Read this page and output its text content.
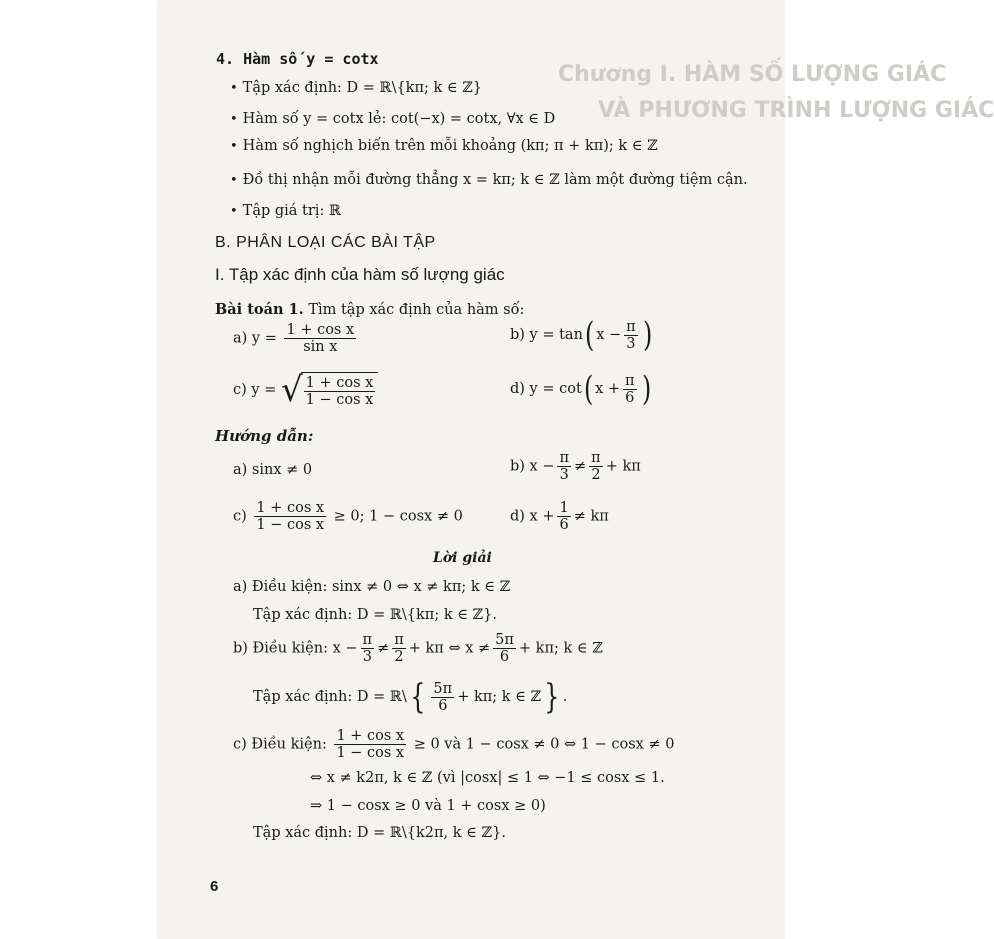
Chương I. HÀM SỐ LƯỢNG GIÁC
VÀ PHƯƠNG TRÌNH LƯỢNG GIÁC
4. Hàm số y = cotx
• Tập xác định: D = ℝ\{kπ; k ∈ ℤ}
• Hàm số y = cotx lẻ: cot(−x) = cotx, ∀x ∈ D
• Hàm số nghịch biến trên mỗi khoảng (kπ; π + kπ); k ∈ ℤ
• Đồ thị nhận mỗi đường thẳng x = kπ; k ∈ ℤ làm một đường tiệm cận.
• Tập giá trị: ℝ
B. PHÂN LOẠI CÁC BÀI TẬP
I. Tập xác định của hàm số lượng giác
Bài toán 1. Tìm tập xác định của hàm số:
a) $y = \frac{\text{1 + cos x}}{\text{sin x}}$	b) y = tan( $x - \frac{\pi}{3}$ )
c) y = √ $\frac{\text{1 + cos x}}{\text{1 − cos x}}$	d) y = cot( $x + \frac{\pi}{6}$ )
Hướng dẫn:
a) sinx ≠ 0	b) $x - \frac{\pi}{3} \ne \frac{\pi}{2} + k\pi$
$c) \frac{\text{1 + cos x}}{\text{1 − cos x}} \ge 0$; 1 − cosx ≠ 0	d) $x + \frac{1}{6} \ne k\pi$
Lời giải
a) Điều kiện: sinx ≠ 0 ⇔ x ≠ kπ; k ∈ ℤ
Tập xác định: D = ℝ\{kπ; k ∈ ℤ}.
b) Điều kiện: $x - \frac{\pi}{3} \ne \frac{\pi}{2} + k\pi$ ⇔ $x \ne \frac{5\pi}{6} + k\pi$; k ∈ ℤ
Tập xác định: D = ℝ\{ $\frac{5\pi}{6} + k\pi$; k ∈ ℤ} .
c) Điều kiện: $\frac{\text{1 + cos x}}{\text{1 − cos x}} \ge 0$ và 1 − cosx ≠ 0 ⇔ 1 − cosx ≠ 0
⇔ x ≠ k2π, k ∈ ℤ (vì |cosx| ≤ 1 ⇔ −1 ≤ cosx ≤ 1.
⇒ 1 − cosx ≥ 0 và 1 + cosx ≥ 0)
Tập xác định: D = ℝ\{k2π, k ∈ ℤ}.
6
